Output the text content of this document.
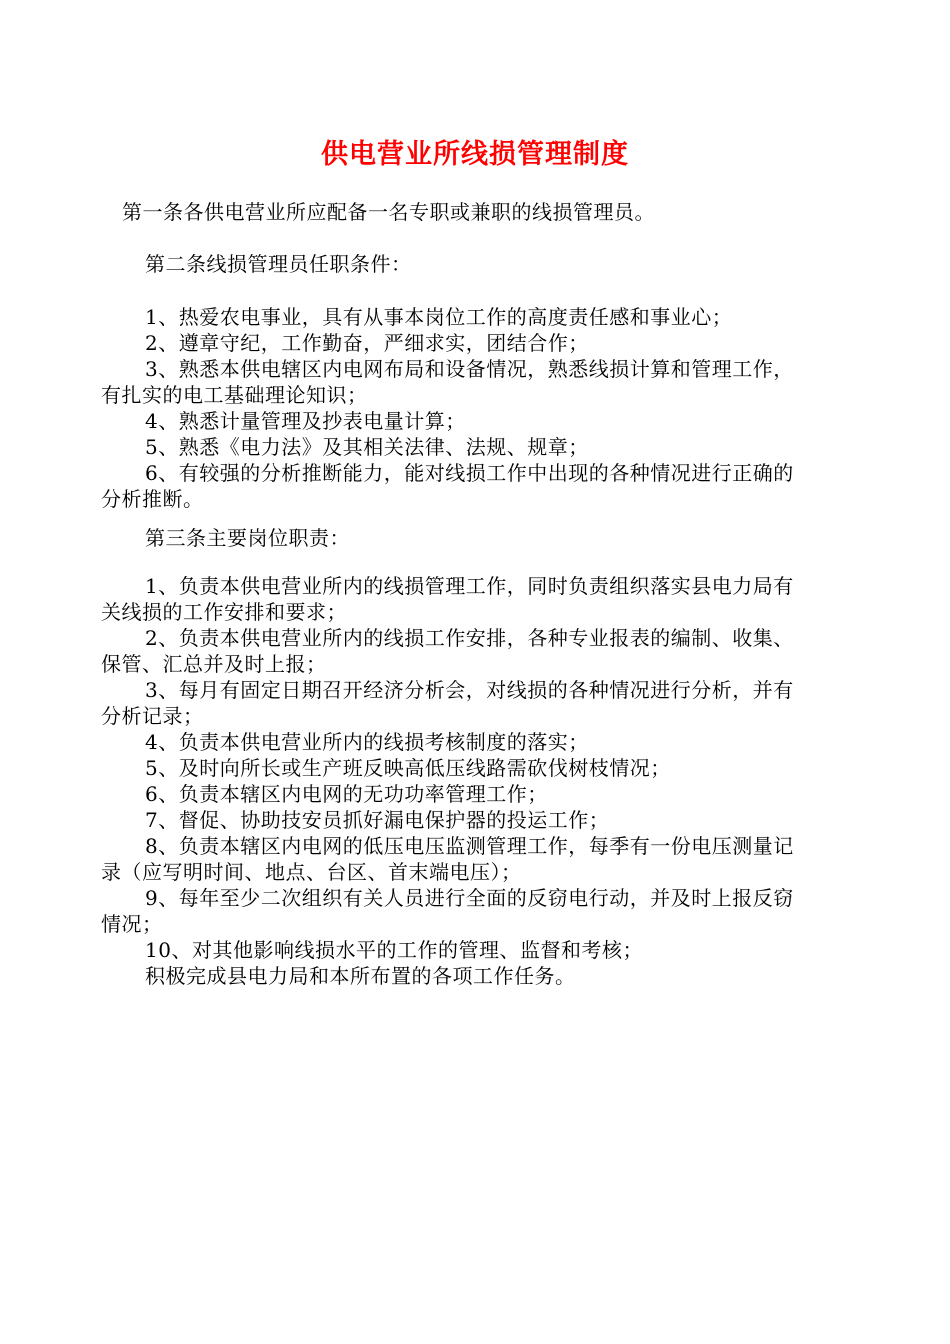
供电营业所线损管理制度

第一条各供电营业所应配备一名专职或兼职的线损管理员。

第二条线损管理员任职条件：

1、热爱农电事业，具有从事本岗位工作的高度责任感和事业心；

2、遵章守纪，工作勤奋，严细求实，团结合作；

3、熟悉本供电辖区内电网布局和设备情况，熟悉线损计算和管理工作，

有扎实的电工基础理论知识；

4、熟悉计量管理及抄表电量计算；

5、熟悉《电力法》及其相关法律、法规、规章；

6、有较强的分析推断能力，能对线损工作中出现的各种情况进行正确的

分析推断。

第三条主要岗位职责：

1、负责本供电营业所内的线损管理工作，同时负责组织落实县电力局有

关线损的工作安排和要求；

2、负责本供电营业所内的线损工作安排，各种专业报表的编制、收集、

保管、汇总并及时上报；

3、每月有固定日期召开经济分析会，对线损的各种情况进行分析，并有

分析记录；

4、负责本供电营业所内的线损考核制度的落实；

5、及时向所长或生产班反映高低压线路需砍伐树枝情况；

6、负责本辖区内电网的无功功率管理工作；

7、督促、协助技安员抓好漏电保护器的投运工作；

8、负责本辖区内电网的低压电压监测管理工作，每季有一份电压测量记

录（应写明时间、地点、台区、首末端电压）；

9、每年至少二次组织有关人员进行全面的反窃电行动，并及时上报反窃

情况；

10、对其他影响线损水平的工作的管理、监督和考核；

积极完成县电力局和本所布置的各项工作任务。
